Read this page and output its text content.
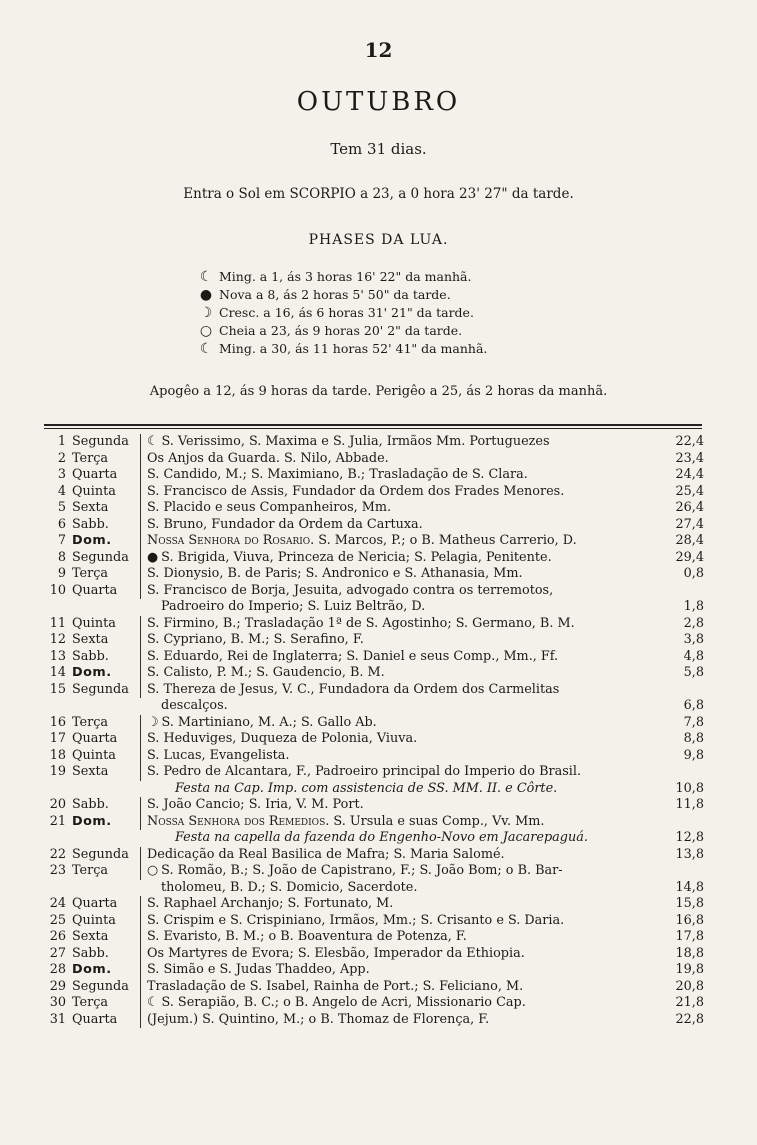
12
OUTUBRO
Tem 31 dias.
Entra o Sol em SCORPIO a 23, a 0 hora 23' 27" da tarde.
PHASES DA LUA.
☾ Ming. a 1, ás 3 horas 16' 22" da manhã.
● Nova a 8, ás 2 horas 5' 50" da tarde.
☽ Cresc. a 16, ás 6 horas 31' 21" da tarde.
○ Cheia a 23, ás 9 horas 20' 2" da tarde.
☾ Ming. a 30, ás 11 horas 52' 41" da manhã.
Apogêo a 12, ás 9 horas da tarde. Perigêo a 25, ás 2 horas da manhã.
1 Segunda	☾ S. Verissimo, S. Maxima e S. Julia, Irmãos Mm. Portuguezes	22,4
2 Terça	Os Anjos da Guarda. S. Nilo, Abbade.	23,4
3 Quarta	S. Candido, M.; S. Maximiano, B.; Trasladação de S. Clara.	24,4
4 Quinta	S. Francisco de Assis, Fundador da Ordem dos Frades Menores.	25,4
5 Sexta	S. Placido e seus Companheiros, Mm.	26,4
6 Sabb.	S. Bruno, Fundador da Ordem da Cartuxa.	27,4
7 Dom.	Nossa Senhora do Rosario. S. Marcos, P.; o B. Matheus Carrerio, D.	28,4
8 Segunda	● S. Brigida, Viuva, Princeza de Nericia; S. Pelagia, Penitente.	29,4
9 Terça	S. Dionysio, B. de Paris; S. Andronico e S. Athanasia, Mm.	0,8
10 Quarta	S. Francisco de Borja, Jesuita, advogado contra os terremotos,
Padroeiro do Imperio; S. Luiz Beltrão, D.	1,8
11 Quinta	S. Firmino, B.; Trasladação 1ª de S. Agostinho; S. Germano, B. M.	2,8
12 Sexta	S. Cypriano, B. M.; S. Serafino, F.	3,8
13 Sabb.	S. Eduardo, Rei de Inglaterra; S. Daniel e seus Comp., Mm., Ff.	4,8
14 Dom.	S. Calisto, P. M.; S. Gaudencio, B. M.	5,8
15 Segunda	S. Thereza de Jesus, V. C., Fundadora da Ordem dos Carmelitas
descalços.	6,8
16 Terça	☽ S. Martiniano, M. A.; S. Gallo Ab.	7,8
17 Quarta	S. Heduviges, Duqueza de Polonia, Viuva.	8,8
18 Quinta	S. Lucas, Evangelista.	9,8
19 Sexta	S. Pedro de Alcantara, F., Padroeiro principal do Imperio do Brasil.
Festa na Cap. Imp. com assistencia de SS. MM. II. e Côrte.	10,8
20 Sabb.	S. João Cancio; S. Iria, V. M. Port.	11,8
21 Dom.	Nossa Senhora dos Remedios. S. Ursula e suas Comp., Vv. Mm.
Festa na capella da fazenda do Engenho-Novo em Jacarepaguá.	12,8
22 Segunda	Dedicação da Real Basilica de Mafra; S. Maria Salomé.	13,8
23 Terça	○ S. Romão, B.; S. João de Capistrano, F.; S. João Bom; o B. Bar-
tholomeu, B. D.; S. Domicio, Sacerdote.	14,8
24 Quarta	S. Raphael Archanjo; S. Fortunato, M.	15,8
25 Quinta	S. Crispim e S. Crispiniano, Irmãos, Mm.; S. Crisanto e S. Daria.	16,8
26 Sexta	S. Evaristo, B. M.; o B. Boaventura de Potenza, F.	17,8
27 Sabb.	Os Martyres de Evora; S. Elesbão, Imperador da Ethiopia.	18,8
28 Dom.	S. Simão e S. Judas Thaddeo, App.	19,8
29 Segunda	Trasladação de S. Isabel, Rainha de Port.; S. Feliciano, M.	20,8
30 Terça	☾ S. Serapião, B. C.; o B. Angelo de Acri, Missionario Cap.	21,8
31 Quarta	(Jejum.) S. Quintino, M.; o B. Thomaz de Florença, F.	22,8
